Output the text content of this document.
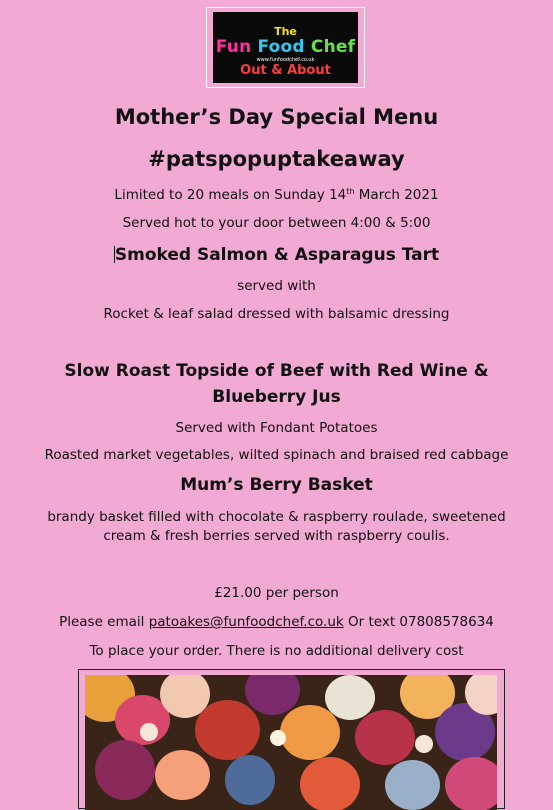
The
Fun Food Chef
www.funfoodchef.co.uk
Out & About
Mother’s Day Special Menu
#patspopuptakeaway
Limited to 20 meals on Sunday 14th March 2021
Served hot to your door between 4:00 & 5:00
Smoked Salmon & Asparagus Tart
served with
Rocket & leaf salad dressed with balsamic dressing
Slow Roast Topside of Beef with Red Wine &
Blueberry Jus
Served with Fondant Potatoes
Roasted market vegetables, wilted spinach and braised red cabbage
Mum’s Berry Basket
brandy basket filled with chocolate & raspberry roulade, sweetened
cream & fresh berries served with raspberry coulis.
£21.00 per person
Please email patoakes@funfoodchef.co.uk Or text 07808578634
To place your order. There is no additional delivery cost
